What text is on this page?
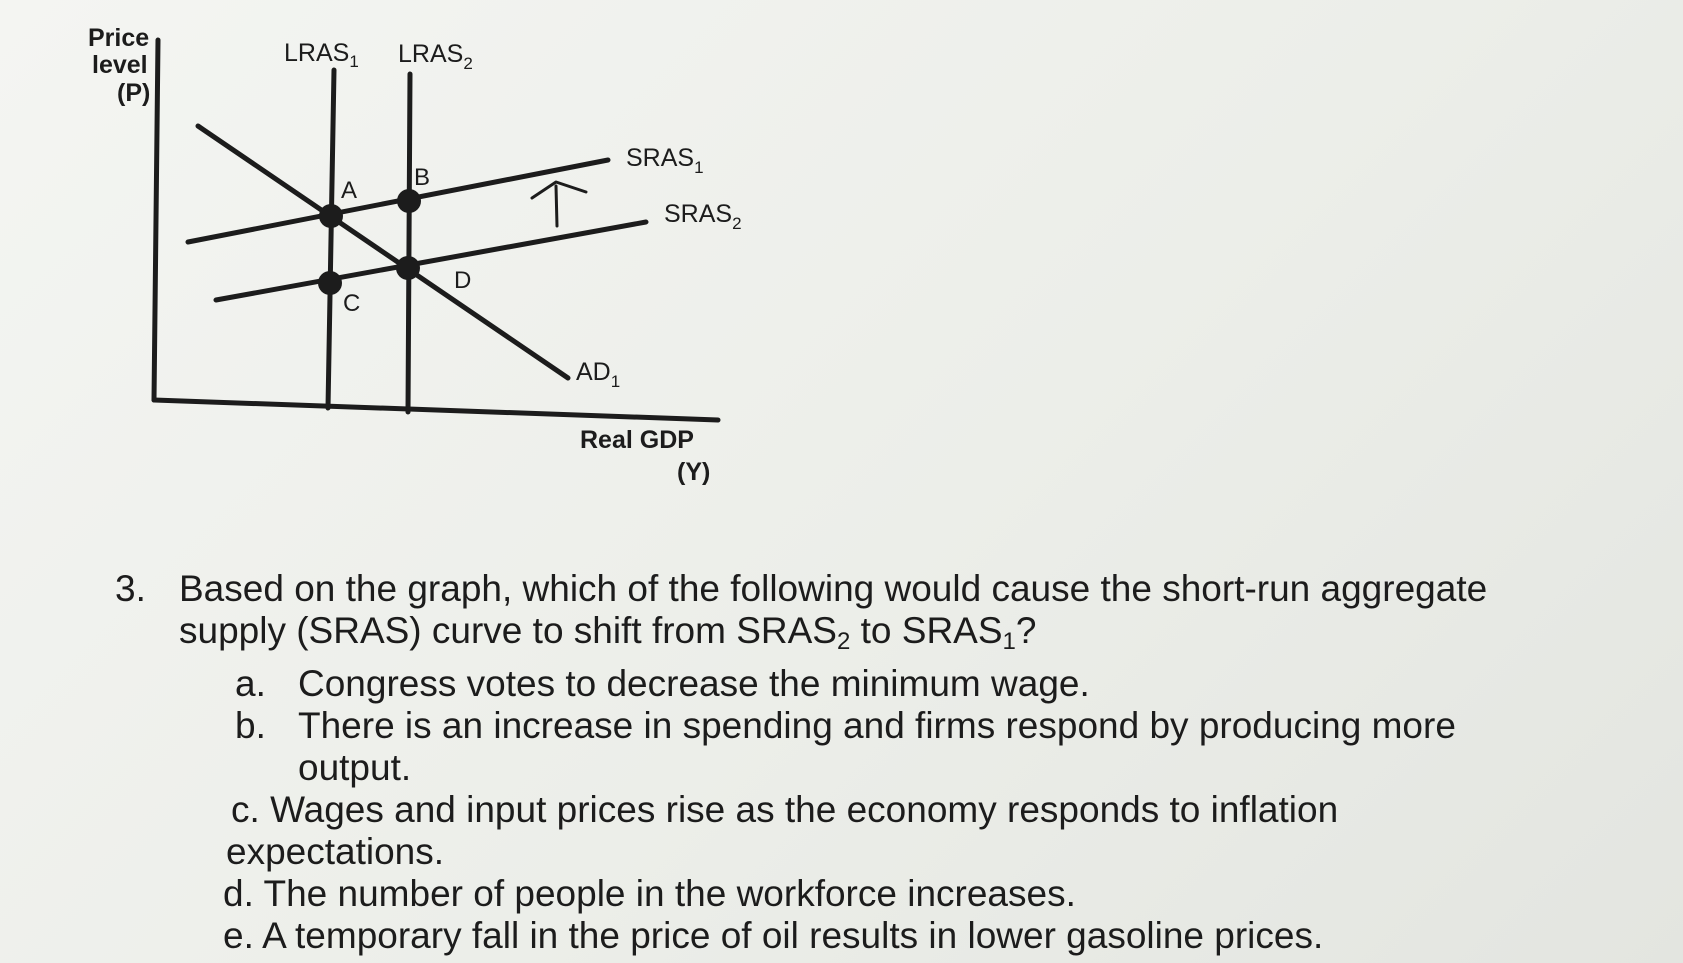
Price
level
(P)
Real GDP
(Y)
A B
C
D
$LRAS_1$ $LRAS_2$
$SRAS_1$
$SRAS_2$
$AD_1$
3. Based on the graph, which of the following would cause the short-run aggregate
supply (SRAS) curve to shift from $SRAS_2$ to $SRAS_1$?
a. Congress votes to decrease the minimum wage.
b. There is an increase in spending and firms respond by producing more
output.
c. Wages and input prices rise as the economy responds to inflation
expectations.
d. The number of people in the workforce increases.
e. A temporary fall in the price of oil results in lower gasoline prices.
